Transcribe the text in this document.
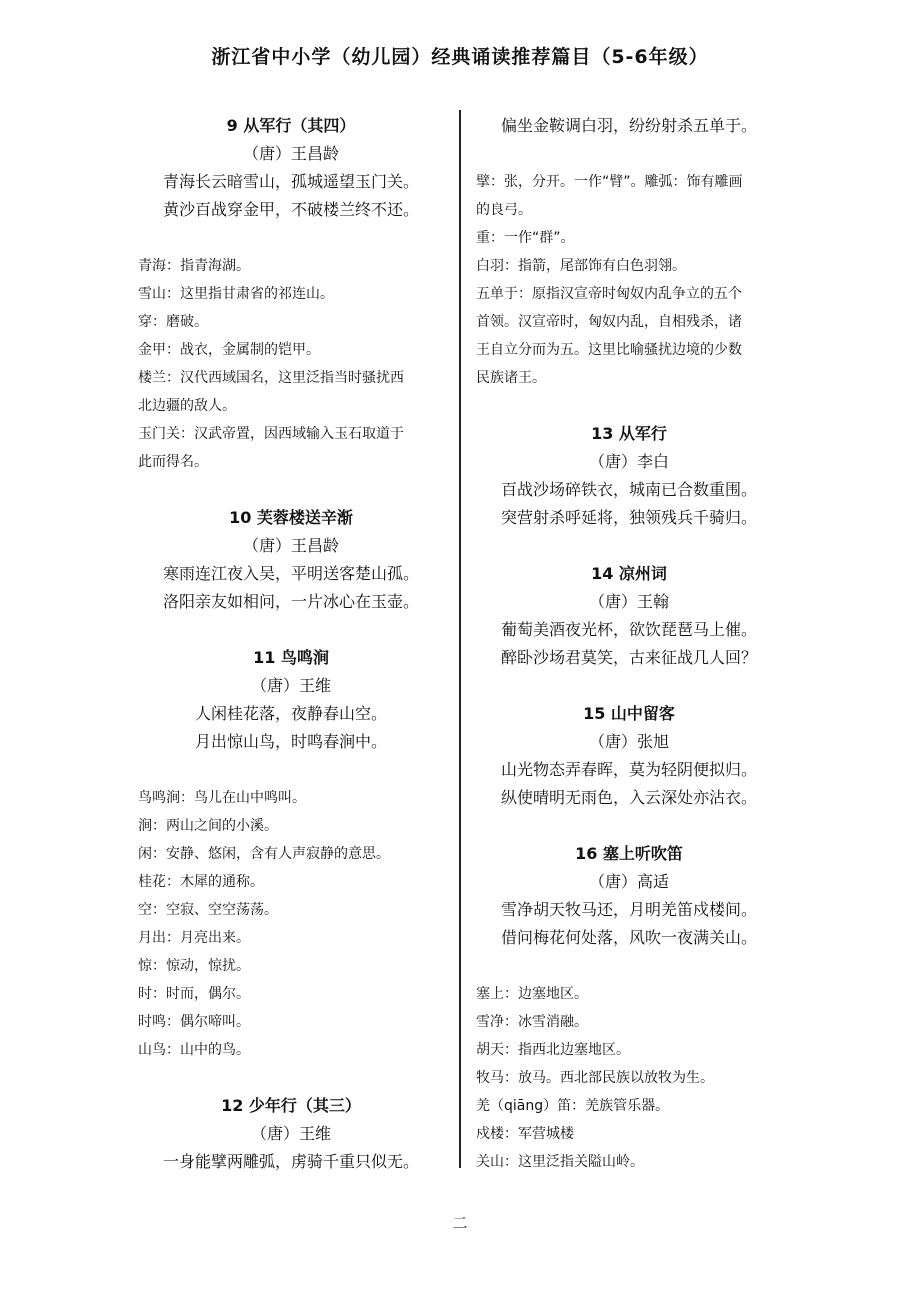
浙江省中小学（幼儿园）经典诵读推荐篇目（5-6年级）
9 从军行（其四）
（唐）王昌龄
青海长云暗雪山，孤城遥望玉门关。
黄沙百战穿金甲，不破楼兰终不还。
青海：指青海湖。
雪山：这里指甘肃省的祁连山。
穿：磨破。
金甲：战衣，金属制的铠甲。
楼兰：汉代西域国名，这里泛指当时骚扰西
北边疆的敌人。
玉门关：汉武帝置，因西域输入玉石取道于
此而得名。
10 芙蓉楼送辛渐
（唐）王昌龄
寒雨连江夜入吴，平明送客楚山孤。
洛阳亲友如相问，一片冰心在玉壶。
11 鸟鸣涧
（唐）王维
人闲桂花落，夜静春山空。
月出惊山鸟，时鸣春涧中。
鸟鸣涧：鸟儿在山中鸣叫。
涧：两山之间的小溪。
闲：安静、悠闲，含有人声寂静的意思。
桂花：木犀的通称。
空：空寂、空空荡荡。
月出：月亮出来。
惊：惊动，惊扰。
时：时而，偶尔。
时鸣：偶尔啼叫。
山鸟：山中的鸟。
12 少年行（其三）
（唐）王维
一身能擘两雕弧，虏骑千重只似无。
偏坐金鞍调白羽，纷纷射杀五单于。
擘：张，分开。一作“臂”。雕弧：饰有雕画
的良弓。
重：一作“群”。
白羽：指箭，尾部饰有白色羽翎。
五单于：原指汉宣帝时匈奴内乱争立的五个
首领。汉宣帝时，匈奴内乱，自相残杀，诸
王自立分而为五。这里比喻骚扰边境的少数
民族诸王。
13 从军行
（唐）李白
百战沙场碎铁衣，城南已合数重围。
突营射杀呼延将，独领残兵千骑归。
14 凉州词
（唐）王翰
葡萄美酒夜光杯，欲饮琵琶马上催。
醉卧沙场君莫笑，古来征战几人回？
15 山中留客
（唐）张旭
山光物态弄春晖，莫为轻阴便拟归。
纵使晴明无雨色，入云深处亦沾衣。
16 塞上听吹笛
（唐）高适
雪净胡天牧马还，月明羌笛戍楼间。
借问梅花何处落，风吹一夜满关山。
塞上：边塞地区。
雪净：冰雪消融。
胡天：指西北边塞地区。
牧马：放马。西北部民族以放牧为生。
羌（qiāng）笛：羌族管乐器。
戍楼：军营城楼
关山：这里泛指关隘山岭。
二
